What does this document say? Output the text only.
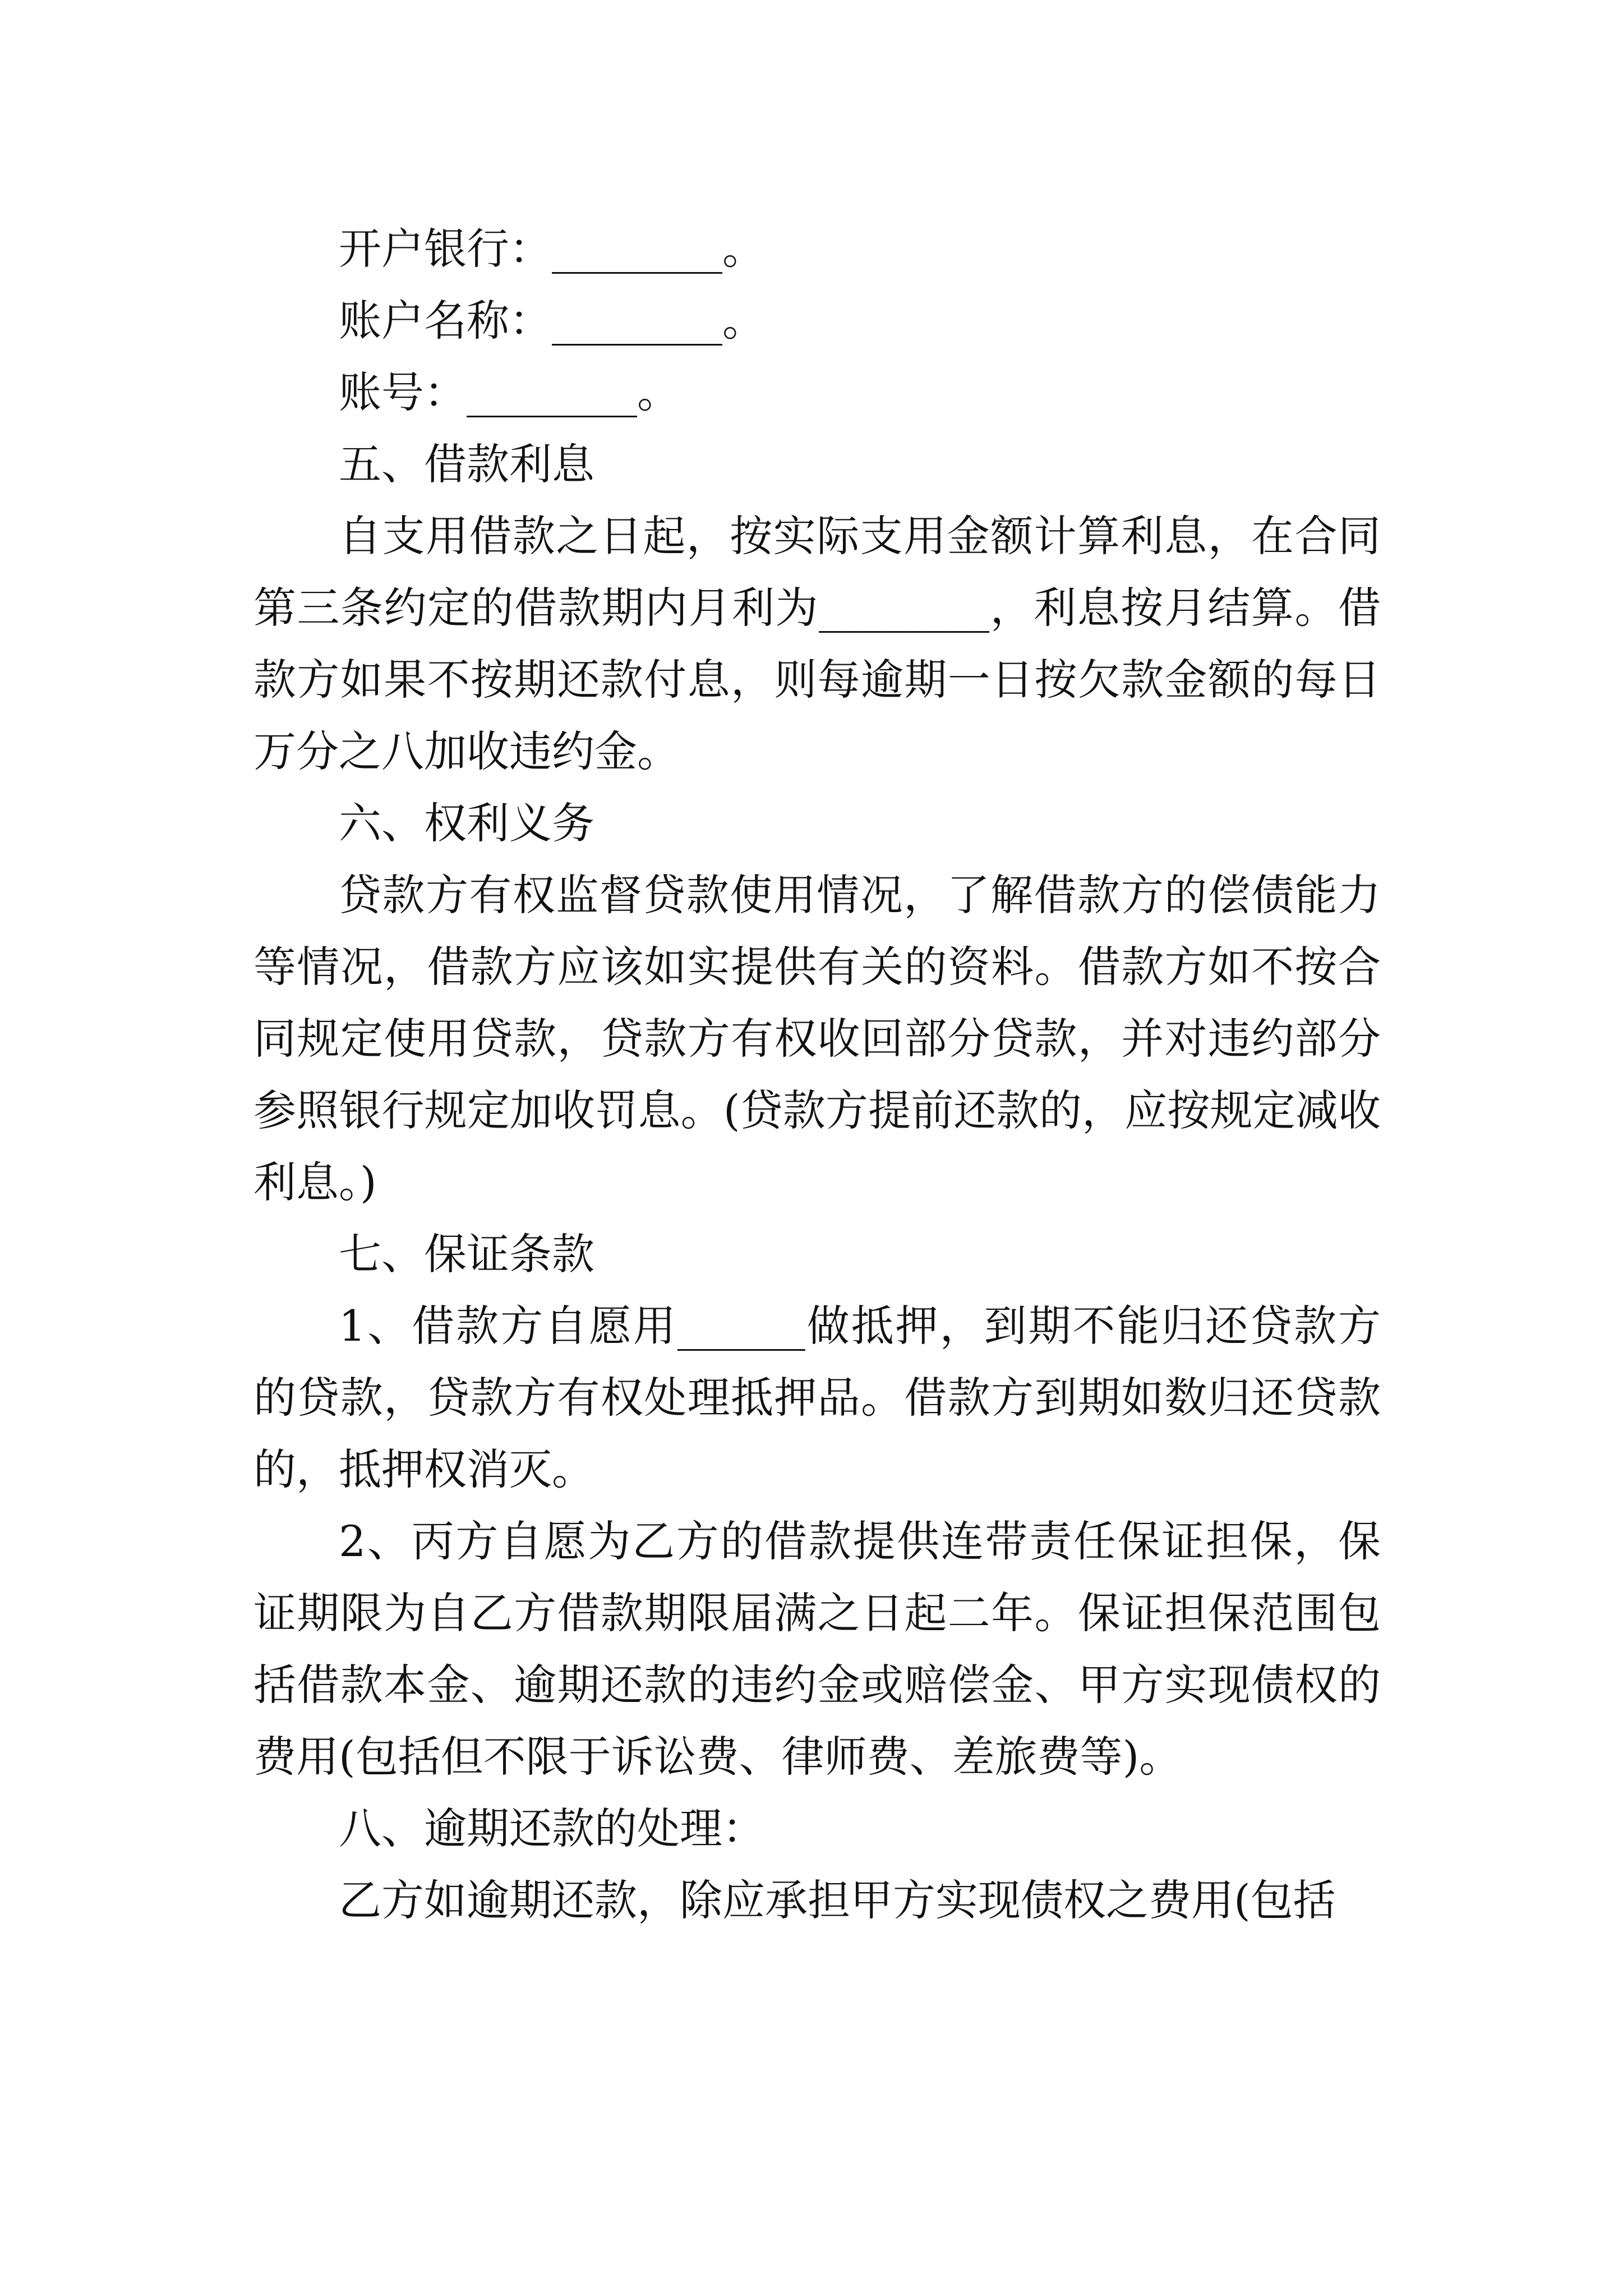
开户银行：________。
账户名称：________。
账号：________。
五、借款利息

自支用借款之日起，按实际支用金额计算利息，在合同第三条约定的借款期内月利为________，利息按月结算。借款方如果不按期还款付息，则每逾期一日按欠款金额的每日万分之八加收违约金。

六、权利义务

贷款方有权监督贷款使用情况，了解借款方的偿债能力等情况，借款方应该如实提供有关的资料。借款方如不按合同规定使用贷款，贷款方有权收回部分贷款，并对违约部分参照银行规定加收罚息。(贷款方提前还款的，应按规定减收利息。)

七、保证条款

1、借款方自愿用______做抵押，到期不能归还贷款方的贷款，贷款方有权处理抵押品。借款方到期如数归还贷款的，抵押权消灭。

2、丙方自愿为乙方的借款提供连带责任保证担保，保证期限为自乙方借款期限届满之日起二年。保证担保范围包括借款本金、逾期还款的违约金或赔偿金、甲方实现债权的费用(包括但不限于诉讼费、律师费、差旅费等)。

八、逾期还款的处理：

乙方如逾期还款，除应承担甲方实现债权之费用(包括
